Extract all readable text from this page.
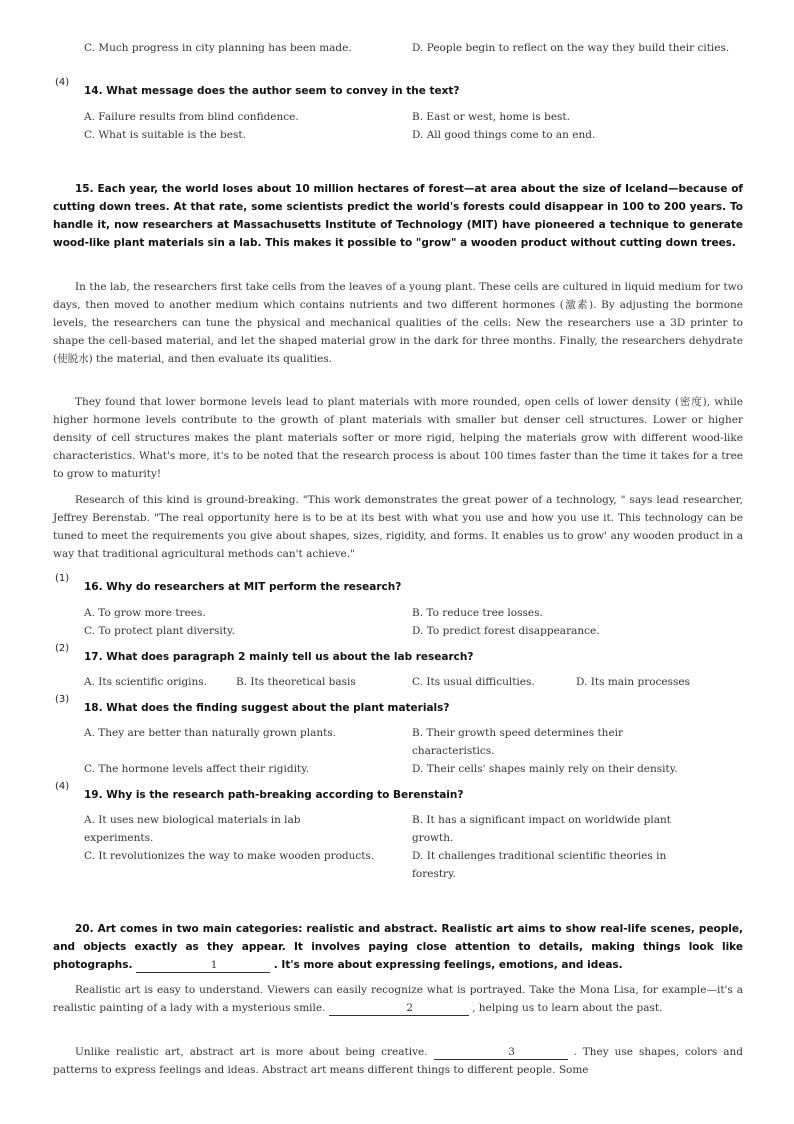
C. Much progress in city planning has been made.	D. People begin to reflect on the way they build their cities.
(4)
14. What message does the author seem to convey in the text?
A. Failure results from blind confidence.	B. East or west, home is best.
C. What is suitable is the best.	D. All good things come to an end.

15. Each year, the world loses about 10 million hectares of forest—at area about the size of Iceland—because of cutting down trees. At that rate, some scientists predict the world's forests could disappear in 100 to 200 years. To handle it, now researchers at Massachusetts Institute of Technology (MIT) have pioneered a technique to generate wood-like plant materials sin a lab. This makes it possible to "grow" a wooden product without cutting down trees.

In the lab, the researchers first take cells from the leaves of a young plant. These cells are cultured in liquid medium for two days, then moved to another medium which contains nutrients and two different hormones (激素). By adjusting the bormone levels, the researchers can tune the physical and mechanical qualities of the cells: New the researchers use a 3D printer to shape the cell-based material, and let the shaped material grow in the dark for three months. Finally, the researchers dehydrate (使脱水) the material, and then evaluate its qualities.

They found that lower bormone levels lead to plant materials with more rounded, open cells of lower density (密度), while higher hormone levels contribute to the growth of plant materials with smaller but denser cell structures. Lower or higher density of cell structures makes the plant materials softer or more rigid, helping the materials grow with different wood-like characteristics. What's more, it's to be noted that the research process is about 100 times faster than the time it takes for a tree to grow to maturity!

Research of this kind is ground-breaking. "This work demonstrates the great power of a technology, " says lead researcher, Jeffrey Berenstab. "The real opportunity here is to be at its best with what you use and how you use it. This technology can be tuned to meet the requirements you give about shapes, sizes, rigidity, and forms. It enables us to grow' any wooden product in a way that traditional agricultural methods can't achieve."

(1)
16. Why do researchers at MIT perform the research?
A. To grow more trees.	B. To reduce tree losses.
C. To protect plant diversity.	D. To predict forest disappearance.
(2)
17. What does paragraph 2 mainly tell us about the lab research?
A. Its scientific origins.	B. Its theoretical basis	C. Its usual difficulties.	D. Its main processes
(3)
18. What does the finding suggest about the plant materials?
A. They are better than naturally grown plants.	B. Their growth speed determines their characteristics.
C. The hormone levels affect their rigidity.	D. Their cells' shapes mainly rely on their density.
(4)
19. Why is the research path-breaking according to Berenstain?
A. It uses new biological materials in lab experiments.
B. It has a significant impact on worldwide plant growth.
C. It revolutionizes the way to make wooden products.	D. It challenges traditional scientific theories in forestry.

20. Art comes in two main categories: realistic and abstract. Realistic art aims to show real-life scenes, people, and objects exactly as they appear. It involves paying close attention to details, making things look like photographs.	1	. It's more about expressing feelings, emotions, and ideas.

Realistic art is easy to understand. Viewers can easily recognize what is portrayed. Take the Mona Lisa, for example—it's a realistic painting of a lady with a mysterious smile.	2	, helping us to learn about the past.

Unlike realistic art, abstract art is more about being creative.	3	. They use shapes, colors and patterns to express feelings and ideas. Abstract art means different things to different people. Some
